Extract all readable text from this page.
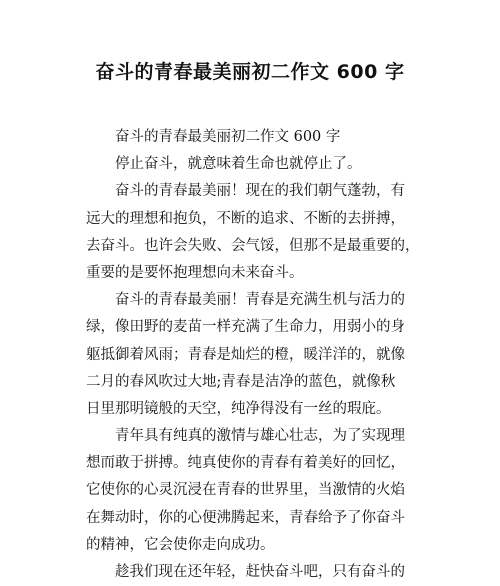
奋斗的青春最美丽初二作文 600 字
奋斗的青春最美丽初二作文 600 字
停止奋斗，就意味着生命也就停止了。
奋斗的青春最美丽！现在的我们朝气蓬勃，有
远大的理想和抱负，不断的追求、不断的去拼搏，
去奋斗。也许会失败、会气馁，但那不是最重要的，
重要的是要怀抱理想向未来奋斗。
奋斗的青春最美丽！青春是充满生机与活力的
绿，像田野的麦苗一样充满了生命力，用弱小的身
躯抵御着风雨；青春是灿烂的橙，暖洋洋的，就像
二月的春风吹过大地;青春是洁净的蓝色，就像秋
日里那明镜般的天空，纯净得没有一丝的瑕庇。
青年具有纯真的激情与雄心壮志，为了实现理
想而敢于拼搏。纯真使你的青春有着美好的回忆，
它使你的心灵沉浸在青春的世界里，当激情的火焰
在舞动时，你的心便沸腾起来，青春给予了你奋斗
的精神，它会使你走向成功。
趁我们现在还年轻，赶快奋斗吧，只有奋斗的
